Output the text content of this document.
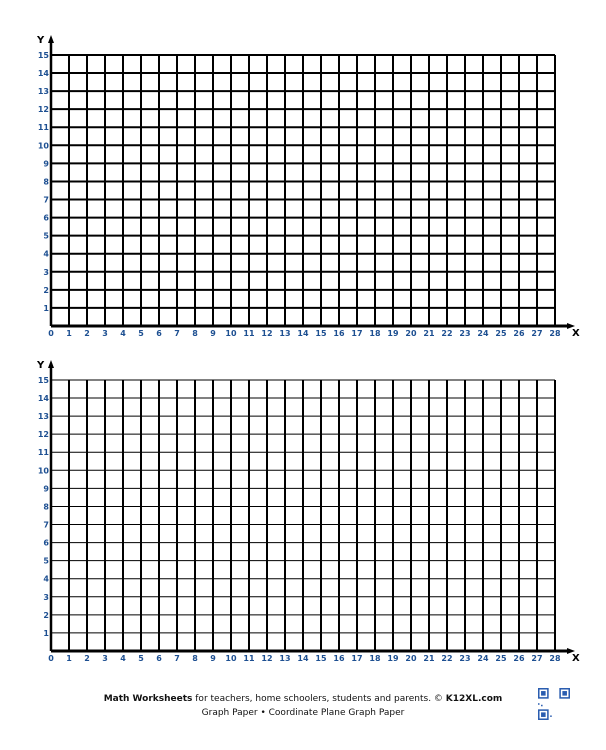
Y
X
0 1 2 3 4 5 6 7 8 9 10 11 12 13 14 15 16 17 18 19 20 21 22 23 24 25 26 27 28
1
2
3
4
5
6
7
8
9
10
11
12
13
14
15
Y
X
0 1 2 3 4 5 6 7 8 9 10 11 12 13 14 15 16 17 18 19 20 21 22 23 24 25 26 27 28
1
2
3
4
5
6
7
8
9
10
11
12
13
14
15
Math Worksheets for teachers, home schoolers, students and parents. © K12XL.com
Graph Paper • Coordinate Plane Graph Paper
